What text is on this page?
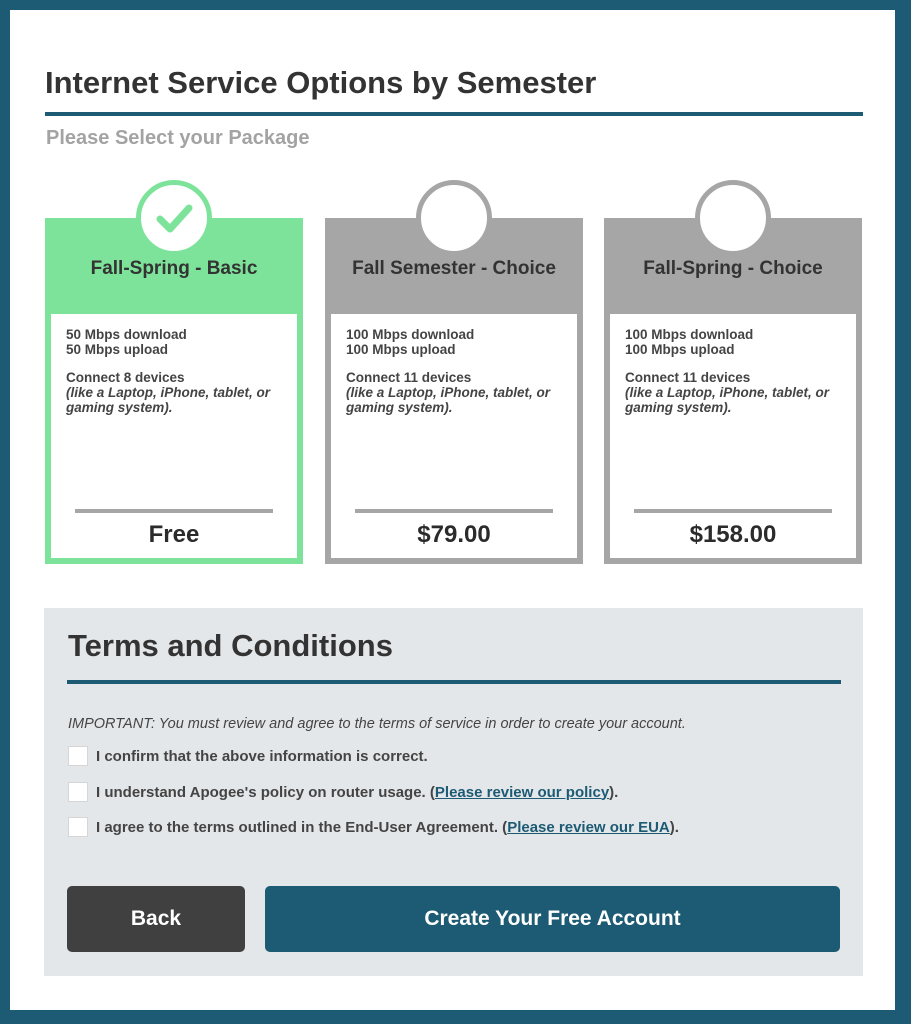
Internet Service Options by Semester
Please Select your Package
Fall-Spring - Basic
50 Mbps download
50 Mbps upload
Connect 8 devices
(like a Laptop, iPhone, tablet, or gaming system).
Free
Fall Semester - Choice
100 Mbps download
100 Mbps upload
Connect 11 devices
(like a Laptop, iPhone, tablet, or gaming system).
$79.00
Fall-Spring - Choice
100 Mbps download
100 Mbps upload
Connect 11 devices
(like a Laptop, iPhone, tablet, or gaming system).
$158.00
Terms and Conditions
IMPORTANT: You must review and agree to the terms of service in order to create your account.
I confirm that the above information is correct.
I understand Apogee's policy on router usage. ( Please review our policy ).
I agree to the terms outlined in the End-User Agreement. ( Please review our EUA ).
Back	Create Your Free Account
